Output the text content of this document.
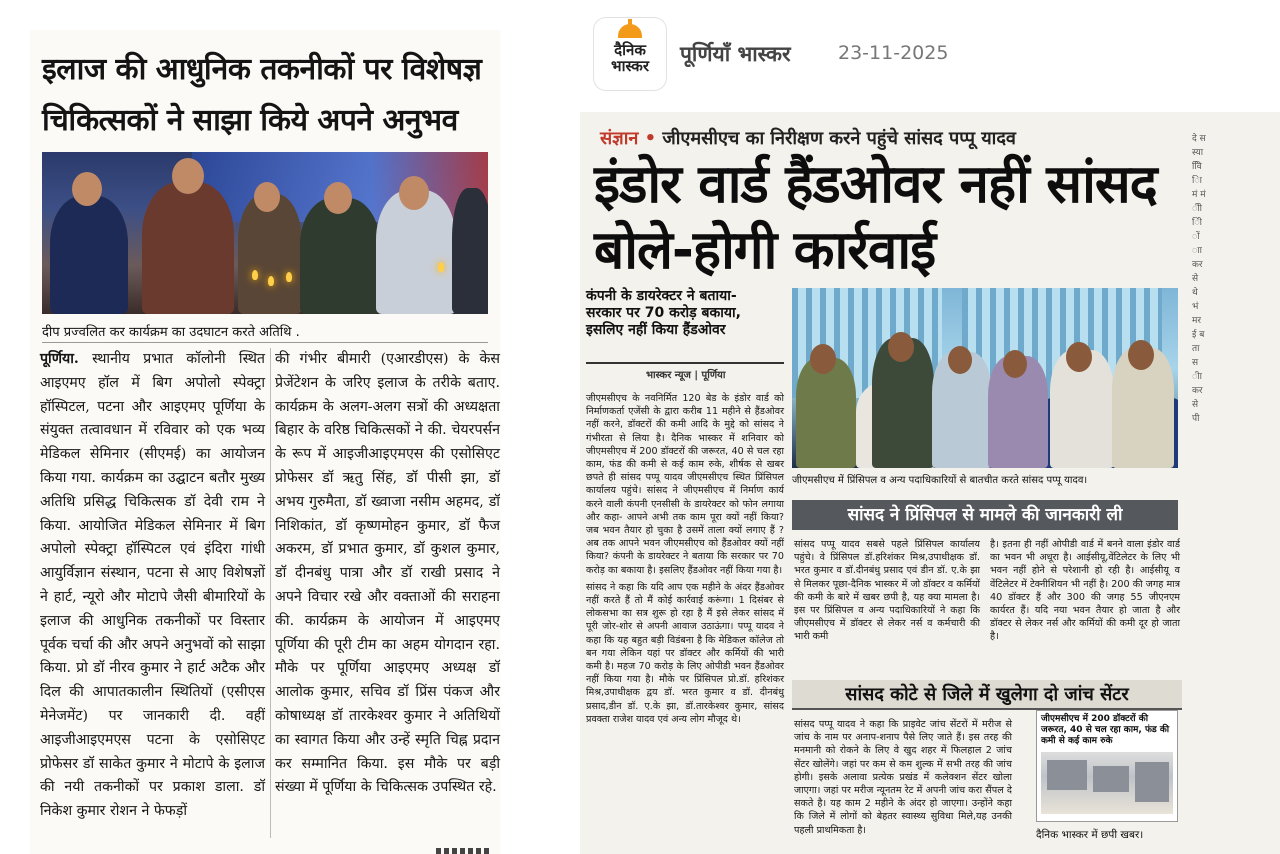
इलाज की आधुनिक तकनीकों पर विशेषज्ञ चिकित्सकों ने साझा किये अपने अनुभव
दीप प्रज्वलित कर कार्यक्रम का उदघाटन करते अतिथि .
पूर्णिया. स्थानीय प्रभात कॉलोनी स्थित आइएमए हॉल में बिग अपोलो स्पेक्ट्रा हॉस्पिटल, पटना और आइएमए पूर्णिया के संयुक्त तत्वावधान में रविवार को एक भव्य मेडिकल सेमिनार (सीएमई) का आयोजन किया गया. कार्यक्रम का उद्घाटन बतौर मुख्य अतिथि प्रसिद्ध चिकित्सक डॉ देवी राम ने किया. आयोजित मेडिकल सेमिनार में बिग अपोलो स्पेक्ट्रा हॉस्पिटल एवं इंदिरा गांधी आयुर्विज्ञान संस्थान, पटना से आए विशेषज्ञों ने हार्ट, न्यूरो और मोटापे जैसी बीमारियों के इलाज की आधुनिक तकनीकों पर विस्तार पूर्वक चर्चा की और अपने अनुभवों को साझा किया. प्रो डॉ नीरव कुमार ने हार्ट अटैक और दिल की आपातकालीन स्थितियों (एसीएस मेनेजमेंट) पर जानकारी दी. वहीं आइजीआइएमएस पटना के एसोसिएट प्रोफेसर डॉ साकेत कुमार ने मोटापे के इलाज की नयी तकनीकों पर प्रकाश डाला. डॉ निकेश कुमार रोशन ने फेफड़ों
की गंभीर बीमारी (एआरडीएस) के केस प्रेजेंटेशन के जरिए इलाज के तरीके बताए. कार्यक्रम के अलग-अलग सत्रों की अध्यक्षता बिहार के वरिष्ठ चिकित्सकों ने की. चेयरपर्सन के रूप में आइजीआइएमएस की एसोसिएट प्रोफेसर डॉ ऋतु सिंह, डॉ पीसी झा, डॉ अभय गुरुमैता, डॉ ख्वाजा नसीम अहमद, डॉ निशिकांत, डॉ कृष्णमोहन कुमार, डॉ फैज अकरम, डॉ प्रभात कुमार, डॉ कुशल कुमार, डॉ दीनबंधु पात्रा और डॉ राखी प्रसाद ने अपने विचार रखे और वक्ताओं की सराहना की. कार्यक्रम के आयोजन में आइएमए पूर्णिया की पूरी टीम का अहम योगदान रहा. मौके पर पूर्णिया आइएमए अध्यक्ष डॉ आलोक कुमार, सचिव डॉ प्रिंस पंकज और कोषाध्यक्ष डॉ तारकेश्वर कुमार ने अतिथियों का स्वागत किया और उन्हें स्मृति चिह्न प्रदान कर सम्मानित किया. इस मौके पर बड़ी संख्या में पूर्णिया के चिकित्सक उपस्थित रहे.
दैनिक
भास्कर	पूर्णियाँ भास्कर 23-11-2025
संज्ञान • जीएमसीएच का निरीक्षण करने पहुंचे सांसद पप्पू यादव
इंडोर वार्ड हैंडओवर नहीं सांसद बोले-होगी कार्रवाई
दे स स्या विि िा मं मं ीी ीि ों ाा कर से थे भं मर ई बता स ीा कर से पी
कंपनी के डायरेक्टर ने बताया-सरकार पर 70 करोड़ बकाया, इसलिए नहीं किया हैंडओवर
भास्कर न्यूज | पूर्णिया

जीएमसीएच के नवनिर्मित 120 बेड के इंडोर वार्ड को निर्माणकर्ता एजेंसी के द्वारा करीब 11 महीने से हैंडओवर नहीं करने, डॉक्टरों की कमी आदि के मुद्दे को सांसद ने गंभीरता से लिया है। दैनिक भास्कर में शनिवार को जीएमसीएच में 200 डॉक्टरों की जरूरत, 40 से चल रहा काम, फंड की कमी से कई काम रुके, शीर्षक से खबर छपते ही सांसद पप्पू यादव जीएमसीएच स्थित प्रिंसिपल कार्यालय पहुंचे। सांसद ने जीएमसीएच में निर्माण कार्य करने वाली कंपनी एनसीसी के डायरेक्टर को फोन लगाया और कहा- आपने अभी तक काम पूरा क्यों नहीं किया? जब भवन तैयार हो चुका है उसमें ताला क्यों लगाए हैं ? अब तक आपने भवन जीएमसीएच को हैंडओवर क्यों नहीं किया? कंपनी के डायरेक्टर ने बताया कि सरकार पर 70 करोड़ का बकाया है। इसलिए हैंडओवर नहीं किया गया है।

सांसद ने कहा कि यदि आप एक महीने के अंदर हैंडओवर नहीं करते हैं तो मैं कोई कार्रवाई करूंगा। 1 दिसंबर से लोकसभा का सत्र शुरू हो रहा है मैं इसे लेकर सांसद में पूरी जोर-शोर से अपनी आवाज उठाऊंगा। पप्पू यादव ने कहा कि यह बहुत बड़ी विडंबना है कि मेडिकल कॉलेज तो बन गया लेकिन यहां पर डॉक्टर और कर्मियों की भारी कमी है। महज 70 करोड़ के लिए ओपीडी भवन हैंडओवर नहीं किया गया है। मौके पर प्रिंसिपल प्रो.डॉ. हरिशंकर मिश्र,उपाधीक्षक द्वय डॉ. भरत कुमार व डॉ. दीनबंधु प्रसाद,डीन डॉ. ए.के झा, डॉ.तारकेश्वर कुमार, सांसद प्रवक्ता राजेश यादव एवं अन्य लोग मौजूद थे।

जीएमसीएच में प्रिंसिपल व अन्य पदाधिकारियों से बातचीत करते सांसद पप्पू यादव।
सांसद ने प्रिंसिपल से मामले की जानकारी ली
सांसद पप्पू यादव सबसे पहले प्रिंसिपल कार्यालय पहुंचे। वे प्रिंसिपल डॉ.हरिशंकर मिश्र,उपाधीक्षक डॉ. भरत कुमार व डॉ.दीनबंधु प्रसाद एवं डीन डॉ. ए.के झा से मिलकर पूछा-दैनिक भास्कर में जो डॉक्टर व कर्मियों की कमी के बारे में खबर छपी है, यह क्या मामला है। इस पर प्रिंसिपल व अन्य पदाधिकारियों ने कहा कि जीएमसीएच में डॉक्टर से लेकर नर्स व कर्मचारी की भारी कमी
है। इतना ही नहीं ओपीडी वार्ड में बनने वाला इंडोर वार्ड का भवन भी अधूरा है। आईसीयू,वेंटिलेटर के लिए भी भवन नहीं होने से परेशानी हो रही है। आईसीयू व वेंटिलेटर में टेक्नीशियन भी नहीं है। 200 की जगह मात्र 40 डॉक्टर हैं और 300 की जगह 55 जीएनएम कार्यरत हैं। यदि नया भवन तैयार हो जाता है और डॉक्टर से लेकर नर्स और कर्मियों की कमी दूर हो जाता है।
सांसद कोटे से जिले में खुलेगा दो जांच सेंटर
सांसद पप्पू यादव ने कहा कि प्राइवेट जांच सेंटरों में मरीज से जांच के नाम पर अनाप-शनाप पैसे लिए जाते हैं। इस तरह की मनमानी को रोकने के लिए वे खुद शहर में फिलहाल 2 जांच सेंटर खोलेंगे। जहां पर कम से कम शुल्क में सभी तरह की जांच होगी। इसके अलावा प्रत्येक प्रखंड में कलेक्शन सेंटर खोला जाएगा। जहां पर मरीज न्यूनतम रेट में अपनी जांच करा सैंपल दे सकते है। यह काम 2 महीने के अंदर हो जाएगा। उन्होंने कहा कि जिले में लोगों को बेहतर स्वास्थ्य सुविधा मिले,यह उनकी पहली प्राथमिकता है।
जीएमसीएच में 200 डॉक्टरों की जरूरत, 40 से चल रहा काम, फंड की कमी से कई काम रुके
दैनिक भास्कर में छपी खबर।
